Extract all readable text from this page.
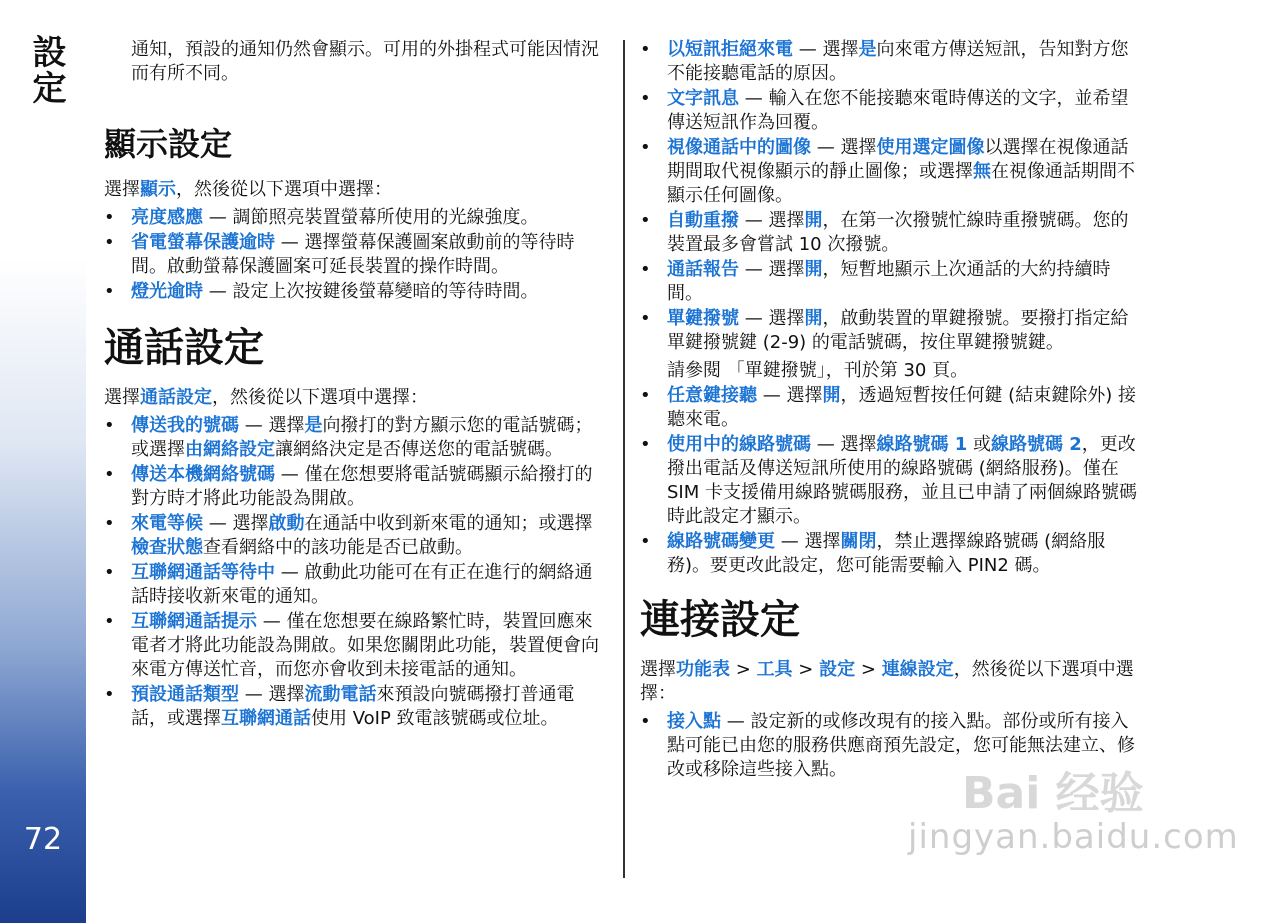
設定
72

通知，預設的通知仍然會顯示。可用的外掛程式可能因情況而有所不同。

顯示設定

選擇顯示，然後從以下選項中選擇：

• 亮度感應 — 調節照亮裝置螢幕所使用的光線強度。
• 省電螢幕保護逾時 — 選擇螢幕保護圖案啟動前的等待時間。啟動螢幕保護圖案可延長裝置的操作時間。
• 燈光逾時 — 設定上次按鍵後螢幕變暗的等待時間。
通話設定

選擇通話設定，然後從以下選項中選擇：

• 傳送我的號碼 — 選擇是向撥打的對方顯示您的電話號碼；或選擇由網絡設定讓網絡決定是否傳送您的電話號碼。
• 傳送本機網絡號碼 — 僅在您想要將電話號碼顯示給撥打的對方時才將此功能設為開啟。
• 來電等候 — 選擇啟動在通話中收到新來電的通知；或選擇檢查狀態查看網絡中的該功能是否已啟動。
• 互聯網通話等待中 — 啟動此功能可在有正在進行的網絡通話時接收新來電的通知。
• 互聯網通話提示 — 僅在您想要在線路繁忙時，裝置回應來電者才將此功能設為開啟。如果您關閉此功能，裝置便會向來電方傳送忙音，而您亦會收到未接電話的通知。
• 預設通話類型 — 選擇流動電話來預設向號碼撥打普通電話，或選擇互聯網通話使用 VoIP 致電該號碼或位址。
• 以短訊拒絕來電 — 選擇是向來電方傳送短訊，告知對方您不能接聽電話的原因。
• 文字訊息 — 輸入在您不能接聽來電時傳送的文字，並希望傳送短訊作為回覆。
• 視像通話中的圖像 — 選擇使用選定圖像以選擇在視像通話期間取代視像顯示的靜止圖像；或選擇無在視像通話期間不顯示任何圖像。
• 自動重撥 — 選擇開，在第一次撥號忙線時重撥號碼。您的裝置最多會嘗試 10 次撥號。
• 通話報告 — 選擇開，短暫地顯示上次通話的大約持續時間。
• 單鍵撥號 — 選擇開，啟動裝置的單鍵撥號。要撥打指定給單鍵撥號鍵 (2-9) 的電話號碼，按住單鍵撥號鍵。

請參閱 「單鍵撥號」，刊於第 30 頁。

• 任意鍵接聽 — 選擇開，透過短暫按任何鍵 (結束鍵除外) 接聽來電。
• 使用中的線路號碼 — 選擇線路號碼 1 或線路號碼 2，更改撥出電話及傳送短訊所使用的線路號碼 (網絡服務)。僅在 SIM 卡支援備用線路號碼服務，並且已申請了兩個線路號碼時此設定才顯示。
• 線路號碼變更 — 選擇關閉，禁止選擇線路號碼 (網絡服務)。要更改此設定，您可能需要輸入 PIN2 碼。
連接設定

選擇功能表 > 工具 > 設定 > 連線設定，然後從以下選項中選擇：

• 接入點 — 設定新的或修改現有的接入點。部份或所有接入點可能已由您的服務供應商預先設定，您可能無法建立、修改或移除這些接入點。	Bai 经验
jingyan.baidu.com
